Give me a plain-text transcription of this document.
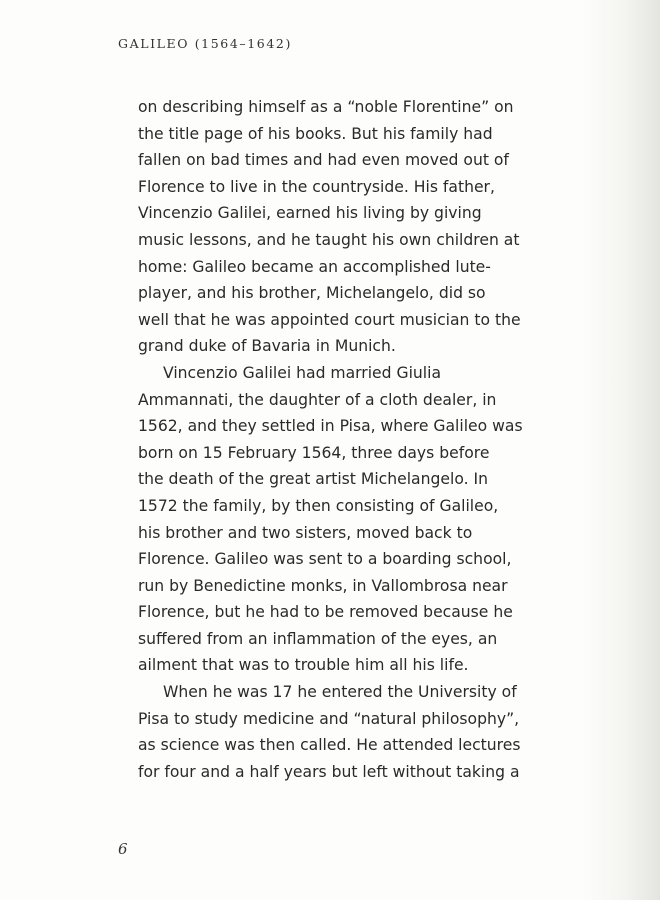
GALILEO (1564–1642)

on describing himself as a “noble Florentine” on
the title page of his books. But his family had
fallen on bad times and had even moved out of
Florence to live in the countryside. His father,
Vincenzio Galilei, earned his living by giving
music lessons, and he taught his own children at
home: Galileo became an accomplished lute-
player, and his brother, Michelangelo, did so
well that he was appointed court musician to the
grand duke of Bavaria in Munich.

Vincenzio Galilei had married Giulia
Ammannati, the daughter of a cloth dealer, in
1562, and they settled in Pisa, where Galileo was
born on 15 February 1564, three days before
the death of the great artist Michelangelo. In
1572 the family, by then consisting of Galileo,
his brother and two sisters, moved back to
Florence. Galileo was sent to a boarding school,
run by Benedictine monks, in Vallombrosa near
Florence, but he had to be removed because he
suffered from an inflammation of the eyes, an
ailment that was to trouble him all his life.

When he was 17 he entered the University of
Pisa to study medicine and “natural philosophy”,
as science was then called. He attended lectures
for four and a half years but left without taking a

6
